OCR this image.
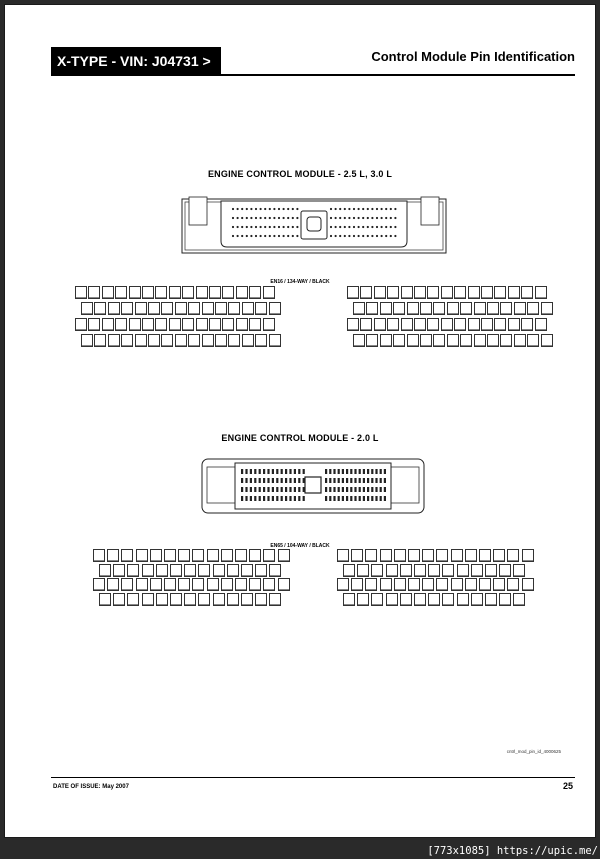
X-TYPE - VIN: J04731 >	Control Module Pin Identification
ENGINE CONTROL MODULE - 2.5 L, 3.0 L
EN16 / 134-WAY / BLACK
ENGINE CONTROL MODULE - 2.0 L
EN65 / 104-WAY / BLACK
cntrl_mod_pin_id_4000625
DATE OF ISSUE: May 2007	25
[773x1085] https://upic.me/
